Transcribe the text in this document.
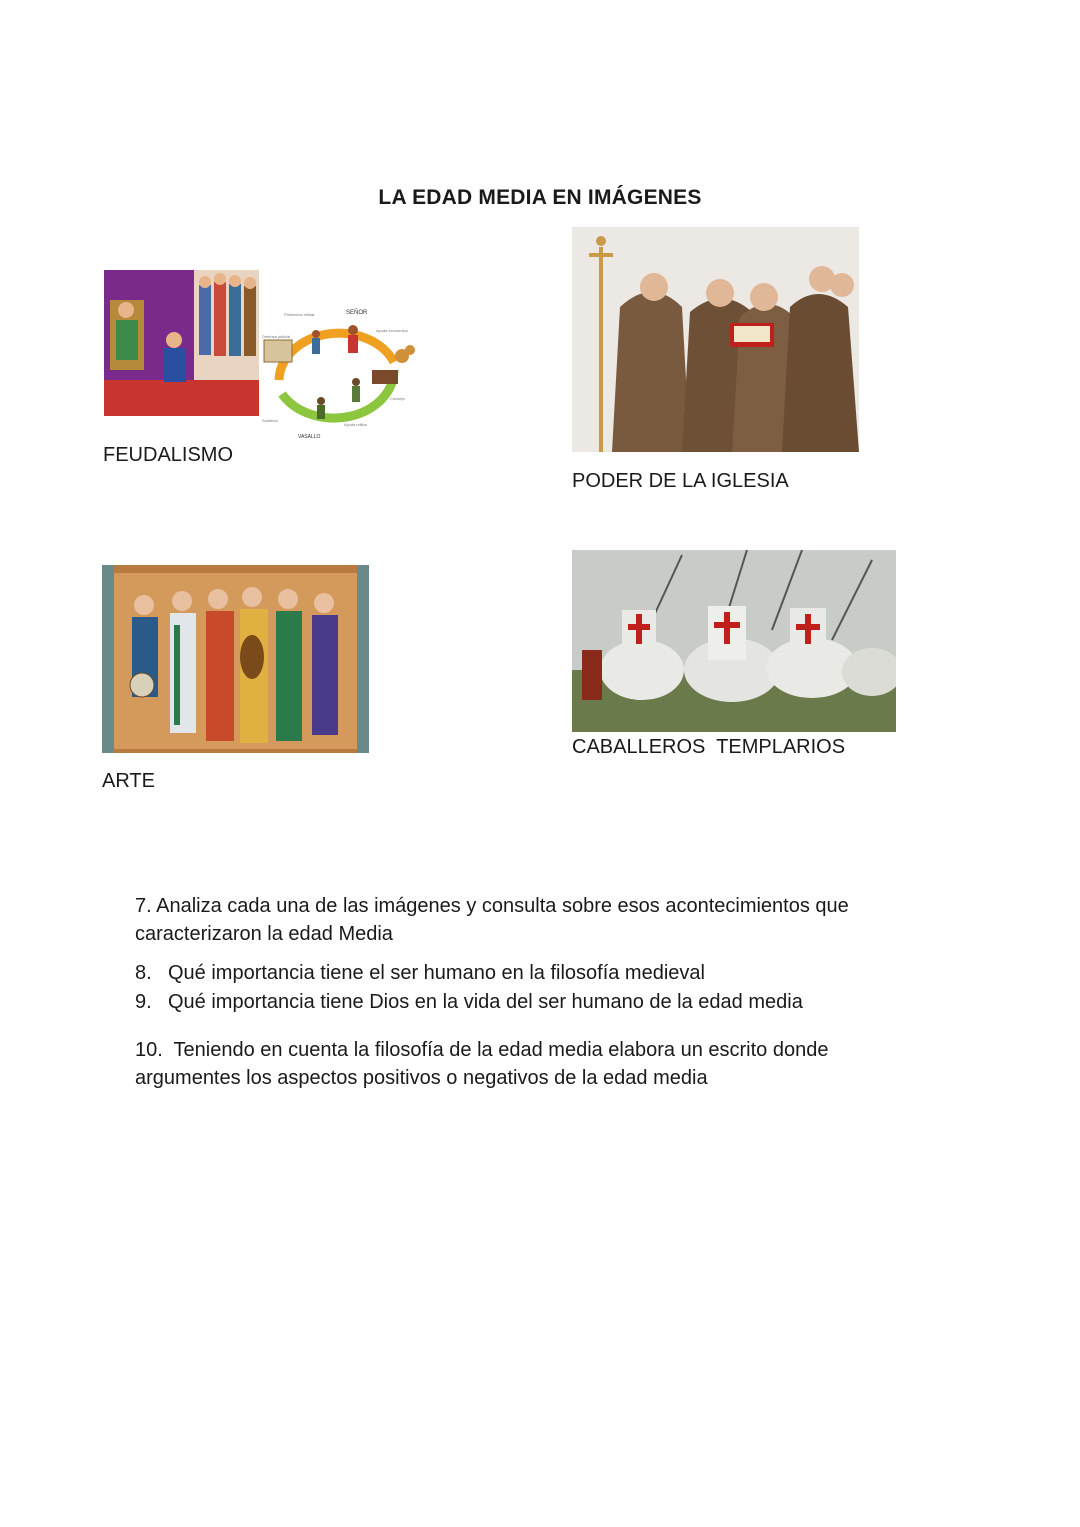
LA EDAD MEDIA EN IMÁGENES
SEÑOR
VASALLO
Protección militar
Defensa judicial
Ayuda económica
Ayuda militar
Consejo
Sustento
FEUDALISMO
PODER DE LA IGLESIA
ARTE
CABALLEROS  TEMPLARIOS
7. Analiza cada una de las imágenes y consulta sobre esos acontecimientos que caracterizaron la edad Media
8. Qué importancia tiene el ser humano en la filosofía medieval
9. Qué importancia tiene Dios en la vida del ser humano de la edad media
10.  Teniendo en cuenta la filosofía de la edad media elabora un escrito donde argumentes los aspectos positivos o negativos de la edad media
